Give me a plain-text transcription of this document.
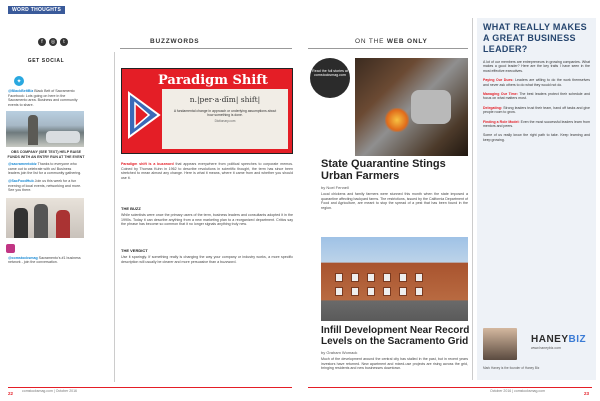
WORD THOUGHTS
f	◎	t	BUZZWORDS
GET SOCIAL
✦
@BlackBeltBiz Black Belt of Sacramento Facebook: Lots going on here in the Sacramento area. Business and community events to share.
OBS COMPANY (SEE TEXT) HELP RAISE FUNDS WITH AN ENTRY RUN AT THE EVENT
@sacramentobiz Thanks to everyone who came out to celebrate with us! Business leaders join the list for a community gathering.
@SacFoodHub Join us this week for a fun evening of local events, networking and more. See you there.
@comstocksmag Sacramento's #1 business network - join the conversation.
Paradigm Shift
n.|per·a·dīm| shift|
A fundamental change in approach or underlying assumptions about how something is done.
Dictionary.com
Paradigm shift is a buzzword that appears everywhere from political speeches to corporate memos. Coined by Thomas Kuhn in 1962 to describe revolutions in scientific thought, the term has since been stretched to mean almost any change. Here is what it means, where it came from and whether you should use it.
THE BUZZ
While scientists were once the primary users of the term, business leaders and consultants adopted it in the 1990s. Today it can describe anything from a new marketing plan to a reorganized department. Critics say the phrase has become so common that it no longer signals anything truly new.
THE VERDICT
Use it sparingly. If something really is changing the way your company or industry works, a more specific description will usually be clearer and more persuasive than a buzzword.
22	comstocksmag.com | October 2016
ON THE WEB ONLY
Read the full stories at comstocksmag.com
State Quarantine Stings Urban Farmers
by Noel Fennell
Local chickens and family farmers were stunned this month when the state imposed a quarantine affecting backyard farms. The restrictions, issued by the California Department of Food and Agriculture, are meant to stop the spread of a pest that has been found in the region.
Infill Development Near Record Levels on the Sacramento Grid
by Graham Womack
Much of the development around the central city has stalled in the past, but in recent years investors have returned. New apartment and mixed-use projects are rising across the grid, bringing residents and new businesses downtown.
WHAT REALLY MAKES A GREAT BUSINESS LEADER?
A lot of our members are entrepreneurs in growing companies. What makes a good leader? Here are the key traits I have seen in the most effective executives.
Paying Our Dues: Leaders are willing to do the work themselves and never ask others to do what they would not do.
Managing Our Time: The best leaders protect their schedule and focus on what matters most.
Delegating: Strong leaders trust their team, hand off tasks and give people room to grow.
Finding a Role Model: Even the most successful leaders learn from mentors and peers.
Some of us really know the right path to take. Keep learning and keep growing.
HANEYBIZ
www.haneybiz.com
Mark Haney is the founder of Haney Biz
October 2016 | comstocksmag.com	23
